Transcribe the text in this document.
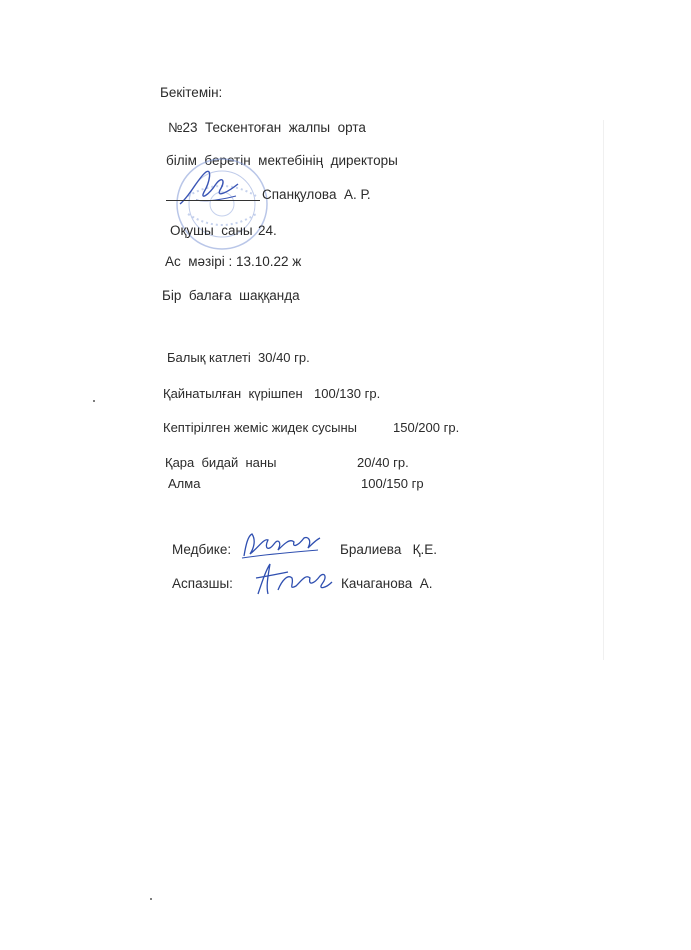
Бекітемін:
№23  Тескентоған  жалпы  орта
білім  беретін  мектебінің  директоры
Спанқулова  А. Р.
Оқушы  саны 24.
Ас  мәзірі : 13.10.22 ж
Бір  балаға  шаққанда
Балық катлеті 30/40 гр.
Қайнатылған  күрішпен 100/130 гр.
Кептірілген жеміс жидек сусыны	150/200 гр.
Қара  бидай  наны	20/40 гр.
Алма	100/150 гр
Медбике:	Бралиева   Қ.Е.
Аспазшы:	Качаганова  А.
